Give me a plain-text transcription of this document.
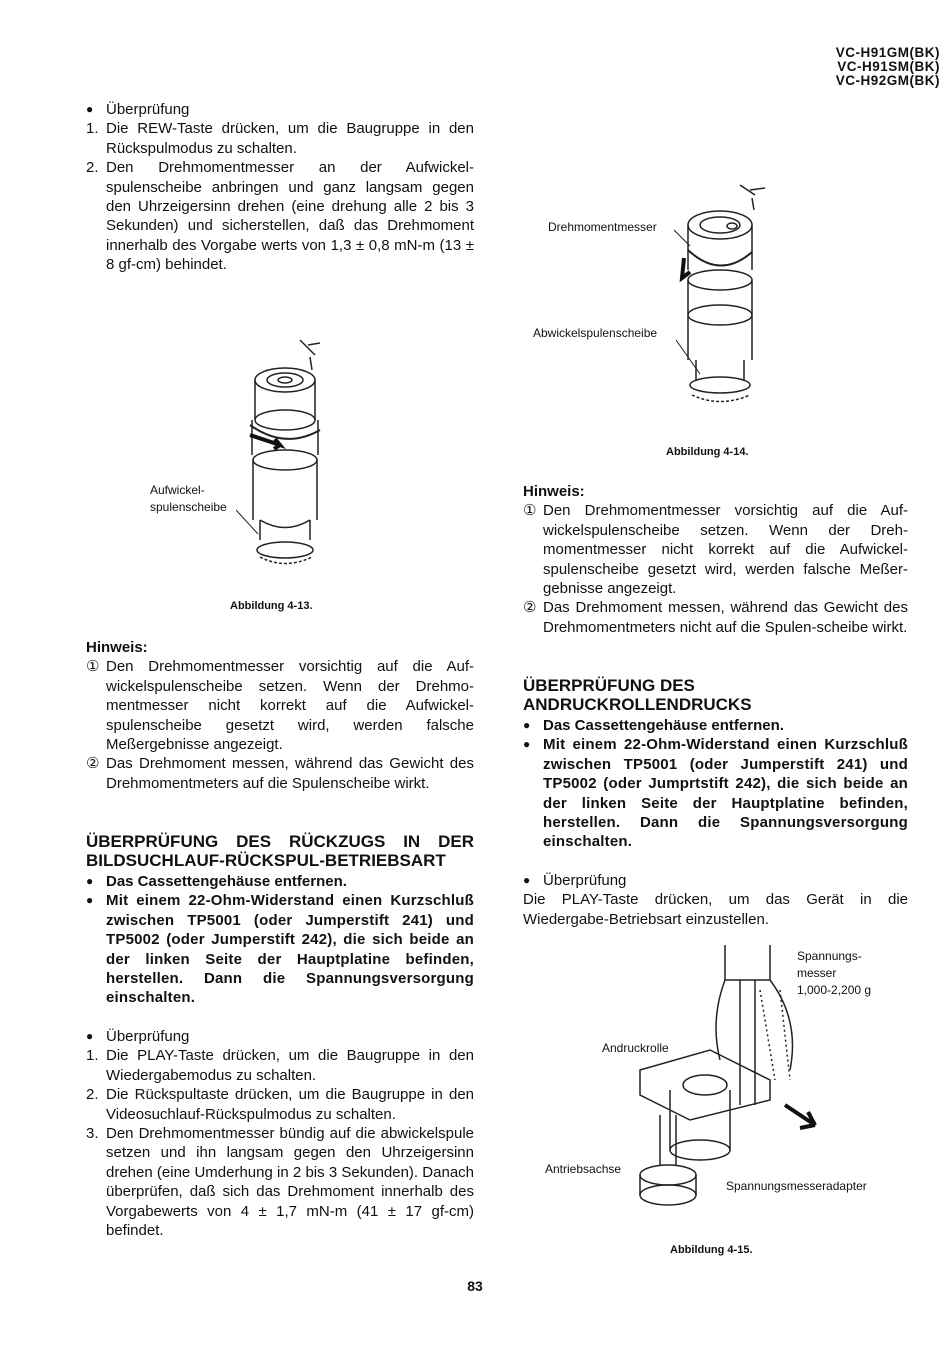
VC-H91GM(BK)
VC-H91SM(BK)
VC-H92GM(BK)
● Überprüfung
1. Die REW-Taste drücken, um die Baugruppe in den Rückspulmodus zu schalten.
2. Den Drehmomentmesser an der Aufwickel-spulenscheibe anbringen und ganz langsam gegen den Uhrzeigersinn drehen (eine drehung alle 2 bis 3 Sekunden) und sicherstellen, daß das Drehmoment innerhalb des Vorgabe werts von 1,3 ± 0,8 mN-m (13 ± 8 gf-cm) behindet.
Aufwickel-
spulenscheibe
Abbildung 4-13.
Hinweis:
① Den Drehmomentmesser vorsichtig auf die Auf-wickelspulenscheibe setzen. Wenn der Drehmo-mentmesser nicht korrekt auf die Aufwickel-spulenscheibe gesetzt wird, werden falsche Meßergebnisse angezeigt.
② Das Drehmoment messen, während das Gewicht des Drehmomentmeters auf die Spulenscheibe wirkt.
ÜBERPRÜFUNG DES RÜCKZUGS IN DER
BILDSUCHLAUF-RÜCKSPUL-BETRIEBSART
● Das Cassettengehäuse entfernen.
● Mit einem 22-Ohm-Widerstand einen Kurzschluß zwischen TP5001 (oder Jumperstift 241) und TP5002 (oder Jumperstift 242), die sich beide an der linken Seite der Hauptplatine befinden, herstellen. Dann die Spannungsversorgung einschalten.
● Überprüfung
1. Die PLAY-Taste drücken, um die Baugruppe in den Wiedergabemodus zu schalten.
2. Die Rückspultaste drücken, um die Baugruppe in den Videosuchlauf-Rückspulmodus zu schalten.
3. Den Drehmomentmesser bündig auf die abwickelspule setzen und ihn langsam gegen den Uhrzeigersinn drehen (eine Umderhung in 2 bis 3 Sekunden). Danach überprüfen, daß sich das Drehmoment innerhalb des Vorgabewerts von 4 ± 1,7 mN-m (41 ± 17 gf-cm) befindet.
Drehmomentmesser
Abwickelspulenscheibe
Abbildung 4-14.
Hinweis:
① Den Drehmomentmesser vorsichtig auf die Auf-wickelspulenscheibe setzen. Wenn der Dreh-momentmesser nicht korrekt auf die Aufwickel-spulenscheibe gesetzt wird, werden falsche Meßer-gebnisse angezeigt.
② Das Drehmoment messen, während das Gewicht des Drehmomentmeters nicht auf die Spulen-scheibe wirkt.
ÜBERPRÜFUNG DES
ANDRUCKROLLENDRUCKS
● Das Cassettengehäuse entfernen.
● Mit einem 22-Ohm-Widerstand einen Kurzschluß zwischen TP5001 (oder Jumperstift 241) und TP5002 (oder Jumprtstift 242), die sich beide an der linken Seite der Hauptplatine befinden, herstellen. Dann die Spannungsversorgung einschalten.
● Überprüfung
Die PLAY-Taste drücken, um das Gerät in die Wiedergabe-Betriebsart einzustellen.
Spannungs-
messer
1,000-2,200 g
Andruckrolle
Antriebsachse
Spannungsmesseradapter
Abbildung 4-15.
83
